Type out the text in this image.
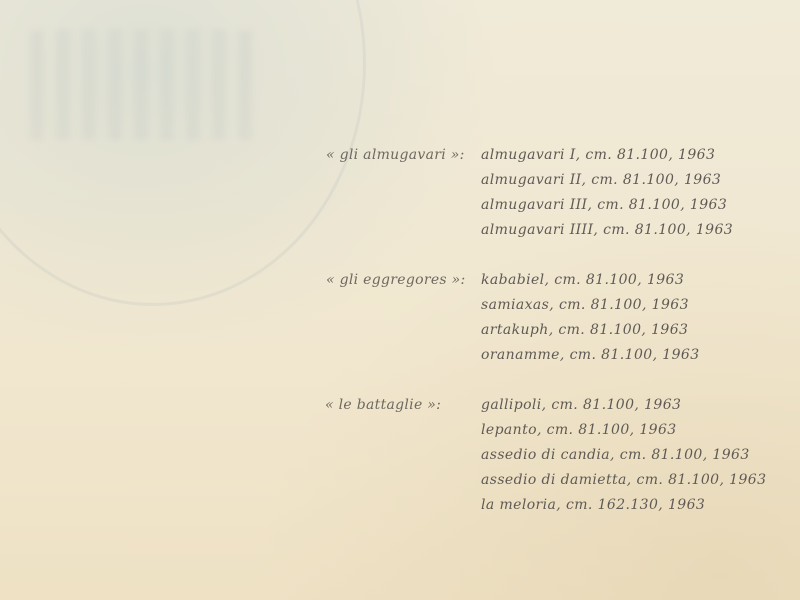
« gli almugavari »: almugavari I, cm. 81.100, 1963
almugavari II, cm. 81.100, 1963
almugavari III, cm. 81.100, 1963
almugavari IIII, cm. 81.100, 1963
« gli eggregores »: kababiel, cm. 81.100, 1963
samiaxas, cm. 81.100, 1963
artakuph, cm. 81.100, 1963
oranamme, cm. 81.100, 1963
« le battaglie »:	gallipoli, cm. 81.100, 1963
lepanto, cm. 81.100, 1963
assedio di candia, cm. 81.100, 1963
assedio di damietta, cm. 81.100, 1963
la meloria, cm. 162.130, 1963
